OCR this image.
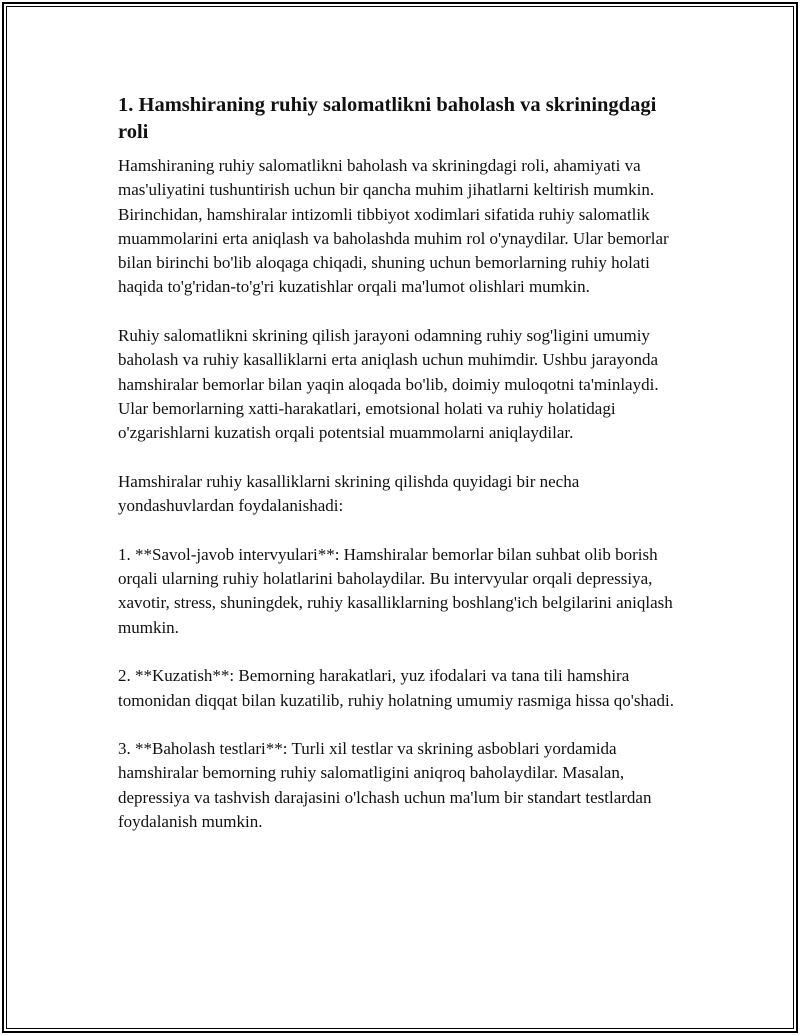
1. Hamshiraning ruhiy salomatlikni baholash va skriningdagi roli
Hamshiraning ruhiy salomatlikni baholash va skriningdagi roli, ahamiyati va mas'uliyatini tushuntirish uchun bir qancha muhim jihatlarni keltirish mumkin. Birinchidan, hamshiralar intizomli tibbiyot xodimlari sifatida ruhiy salomatlik muammolarini erta aniqlash va baholashda muhim rol o'ynaydilar. Ular bemorlar bilan birinchi bo'lib aloqaga chiqadi, shuning uchun bemorlarning ruhiy holati haqida to'g'ridan-to'g'ri kuzatishlar orqali ma'lumot olishlari mumkin.
Ruhiy salomatlikni skrining qilish jarayoni odamning ruhiy sog'ligini umumiy baholash va ruhiy kasalliklarni erta aniqlash uchun muhimdir. Ushbu jarayonda hamshiralar bemorlar bilan yaqin aloqada bo'lib, doimiy muloqotni ta'minlaydi. Ular bemorlarning xatti-harakatlari, emotsional holati va ruhiy holatidagi o'zgarishlarni kuzatish orqali potentsial muammolarni aniqlaydilar.
Hamshiralar ruhiy kasalliklarni skrining qilishda quyidagi bir necha yondashuvlardan foydalanishadi:
1. **Savol-javob intervyulari**: Hamshiralar bemorlar bilan suhbat olib borish orqali ularning ruhiy holatlarini baholaydilar. Bu intervyular orqali depressiya, xavotir, stress, shuningdek, ruhiy kasalliklarning boshlang'ich belgilarini aniqlash mumkin.
2. **Kuzatish**: Bemorning harakatlari, yuz ifodalari va tana tili hamshira tomonidan diqqat bilan kuzatilib, ruhiy holatning umumiy rasmiga hissa qo'shadi.
3. **Baholash testlari**: Turli xil testlar va skrining asboblari yordamida hamshiralar bemorning ruhiy salomatligini aniqroq baholaydilar. Masalan, depressiya va tashvish darajasini o'lchash uchun ma'lum bir standart testlardan foydalanish mumkin.
